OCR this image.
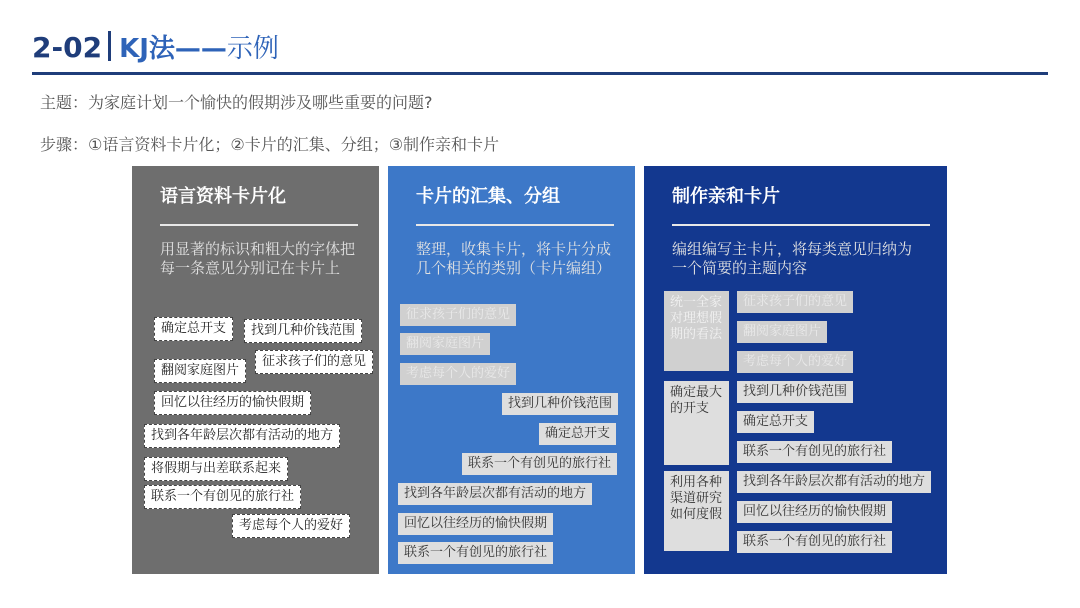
2-02 KJ法——示例
主题：为家庭计划一个愉快的假期涉及哪些重要的问题?
步骤：①语言资料卡片化；②卡片的汇集、分组；③制作亲和卡片
语言资料卡片化
用显著的标识和粗大的字体把每一条意见分别记在卡片上
确定总开支	找到几种价钱范围
翻阅家庭图片
征求孩子们的意见
回忆以往经历的愉快假期
找到各年龄层次都有活动的地方
将假期与出差联系起来
联系一个有创见的旅行社
考虑每个人的爱好
卡片的汇集、分组
整理，收集卡片，将卡片分成几个相关的类别（卡片编组）
征求孩子们的意见
翻阅家庭图片
考虑每个人的爱好
找到几种价钱范围
确定总开支
联系一个有创见的旅行社
找到各年龄层次都有活动的地方
回忆以往经历的愉快假期
联系一个有创见的旅行社
制作亲和卡片
编组编写主卡片，将每类意见归纳为一个简要的主题内容
统一全家对理想假期的看法
确定最大的开支
利用各种渠道研究如何度假
征求孩子们的意见
翻阅家庭图片
考虑每个人的爱好
找到几种价钱范围
确定总开支
联系一个有创见的旅行社
找到各年龄层次都有活动的地方
回忆以往经历的愉快假期
联系一个有创见的旅行社
